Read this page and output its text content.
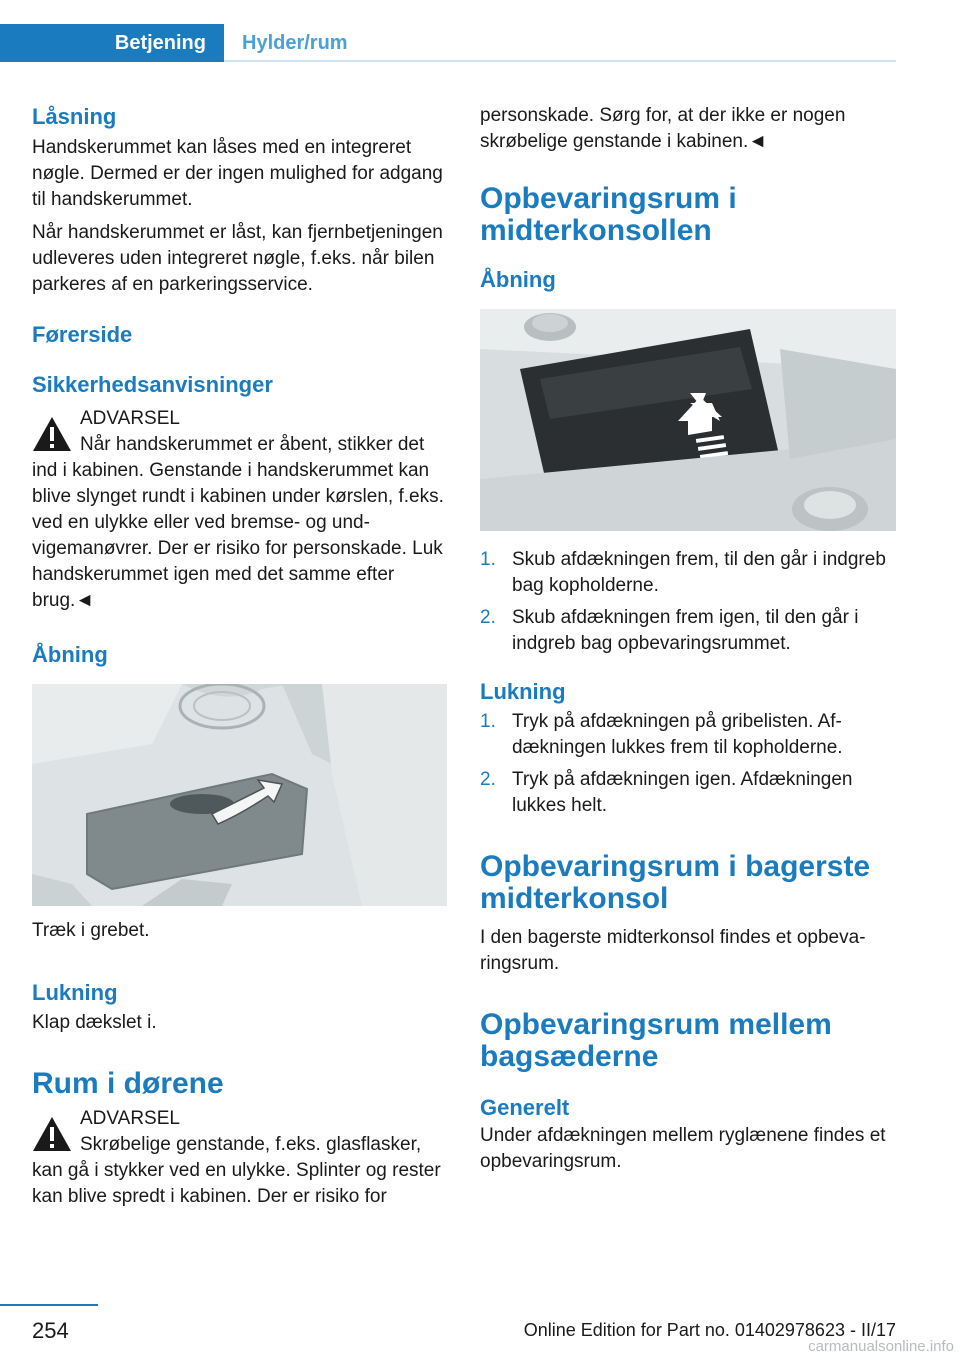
Betjening	Hylder/rum
Låsning

Handskerummet kan låses med en integreret nøgle. Dermed er der ingen mulighed for adgang til handskerummet.

Når handskerummet er låst, kan fjernbetjeningen udleveres uden integreret nøgle, f.eks. når bilen parkeres af en parkeringsservice.

Førerside
Sikkerhedsanvisninger
ADVARSEL

Når handskerummet er åbent, stikker det ind i kabinen. Genstande i handskerummet kan blive slynget rundt i kabinen under kørslen, f.eks. ved en ulykke eller ved bremse- og undvigemanøvrer. Der er risiko for personskade. Luk handskerummet igen med det samme efter brug.◄

Åbning

Træk i grebet.

Lukning

Klap dækslet i.

Rum i dørene
ADVARSEL

Skrøbelige genstande, f.eks. glasflasker, kan gå i stykker ved en ulykke. Splinter og rester kan blive spredt i kabinen. Der er risiko for

personskade. Sørg for, at der ikke er nogen skrøbelige genstande i kabinen.◄

Opbevaringsrum i midterkonsollen
Åbning
1. Skub afdækningen frem, til den går i indgreb bag kopholderne.
2. Skub afdækningen frem igen, til den går i indgreb bag opbevaringsrummet.
Lukning
1. Tryk på afdækningen på gribelisten. Afdækningen lukkes frem til kopholderne.
2. Tryk på afdækningen igen. Afdækningen lukkes helt.
Opbevaringsrum i bagerste midterkonsol

I den bagerste midterkonsol findes et opbevaringsrum.

Opbevaringsrum mellem bagsæderne
Generelt

Under afdækningen mellem ryglænene findes et opbevaringsrum.

254	Online Edition for Part no. 01402978623 - II/17
carmanualsonline.info
